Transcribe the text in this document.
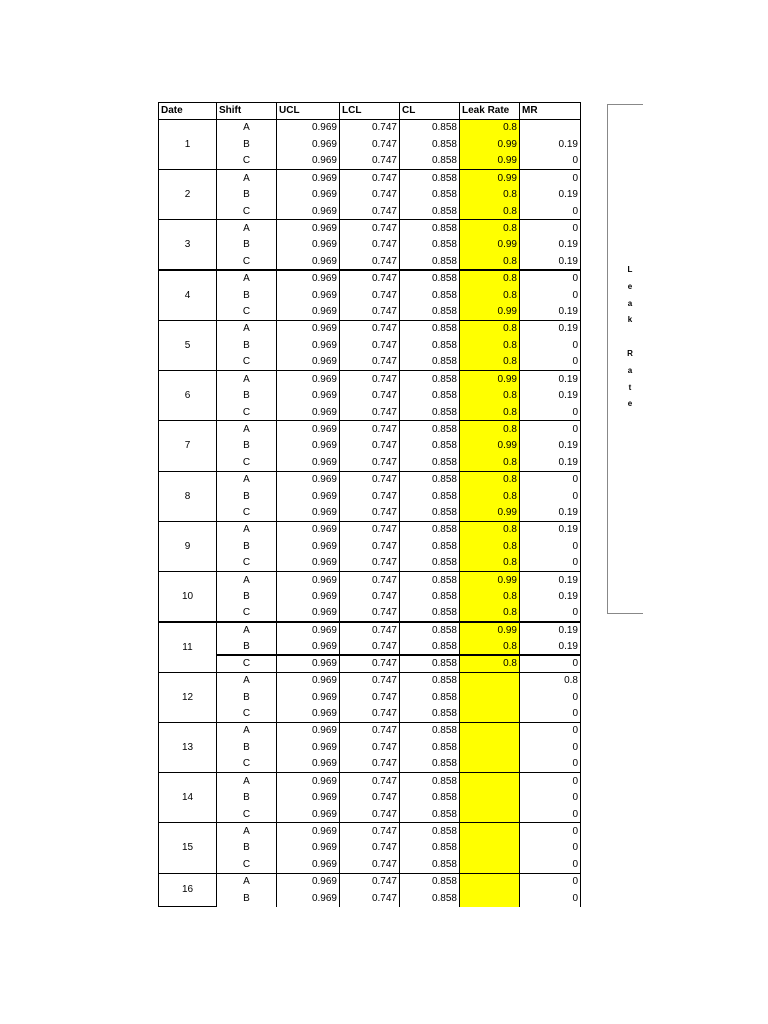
Date	Shift	UCL	LCL	CL	Leak Rate	MR
1	A	0.969	0.747	0.858	0.8	
	B	0.969	0.747	0.858	0.99	0.19
	C	0.969	0.747	0.858	0.99	0
2	A	0.969	0.747	0.858	0.99	0
	B	0.969	0.747	0.858	0.8	0.19
	C	0.969	0.747	0.858	0.8	0
3	A	0.969	0.747	0.858	0.8	0
	B	0.969	0.747	0.858	0.99	0.19
	C	0.969	0.747	0.858	0.8	0.19
4	A	0.969	0.747	0.858	0.8	0
	B	0.969	0.747	0.858	0.8	0
	C	0.969	0.747	0.858	0.99	0.19
5	A	0.969	0.747	0.858	0.8	0.19
	B	0.969	0.747	0.858	0.8	0
	C	0.969	0.747	0.858	0.8	0
6	A	0.969	0.747	0.858	0.99	0.19
	B	0.969	0.747	0.858	0.8	0.19
	C	0.969	0.747	0.858	0.8	0
7	A	0.969	0.747	0.858	0.8	0
	B	0.969	0.747	0.858	0.99	0.19
	C	0.969	0.747	0.858	0.8	0.19
8	A	0.969	0.747	0.858	0.8	0
	B	0.969	0.747	0.858	0.8	0
	C	0.969	0.747	0.858	0.99	0.19
9	A	0.969	0.747	0.858	0.8	0.19
	B	0.969	0.747	0.858	0.8	0
	C	0.969	0.747	0.858	0.8	0
10	A	0.969	0.747	0.858	0.99	0.19
	B	0.969	0.747	0.858	0.8	0.19
	C	0.969	0.747	0.858	0.8	0
11	A	0.969	0.747	0.858	0.99	0.19
	B	0.969	0.747	0.858	0.8	0.19
	C	0.969	0.747	0.858	0.8	0
12	A	0.969	0.747	0.858		0.8
	B	0.969	0.747	0.858		0
	C	0.969	0.747	0.858		0
13	A	0.969	0.747	0.858		0
	B	0.969	0.747	0.858		0
	C	0.969	0.747	0.858		0
14	A	0.969	0.747	0.858		0
	B	0.969	0.747	0.858		0
	C	0.969	0.747	0.858		0
15	A	0.969	0.747	0.858		0
	B	0.969	0.747	0.858		0
	C	0.969	0.747	0.858		0
16	A	0.969	0.747	0.858		0
	B	0.969	0.747	0.858		0
L
e
a
k

R
a
t
e
